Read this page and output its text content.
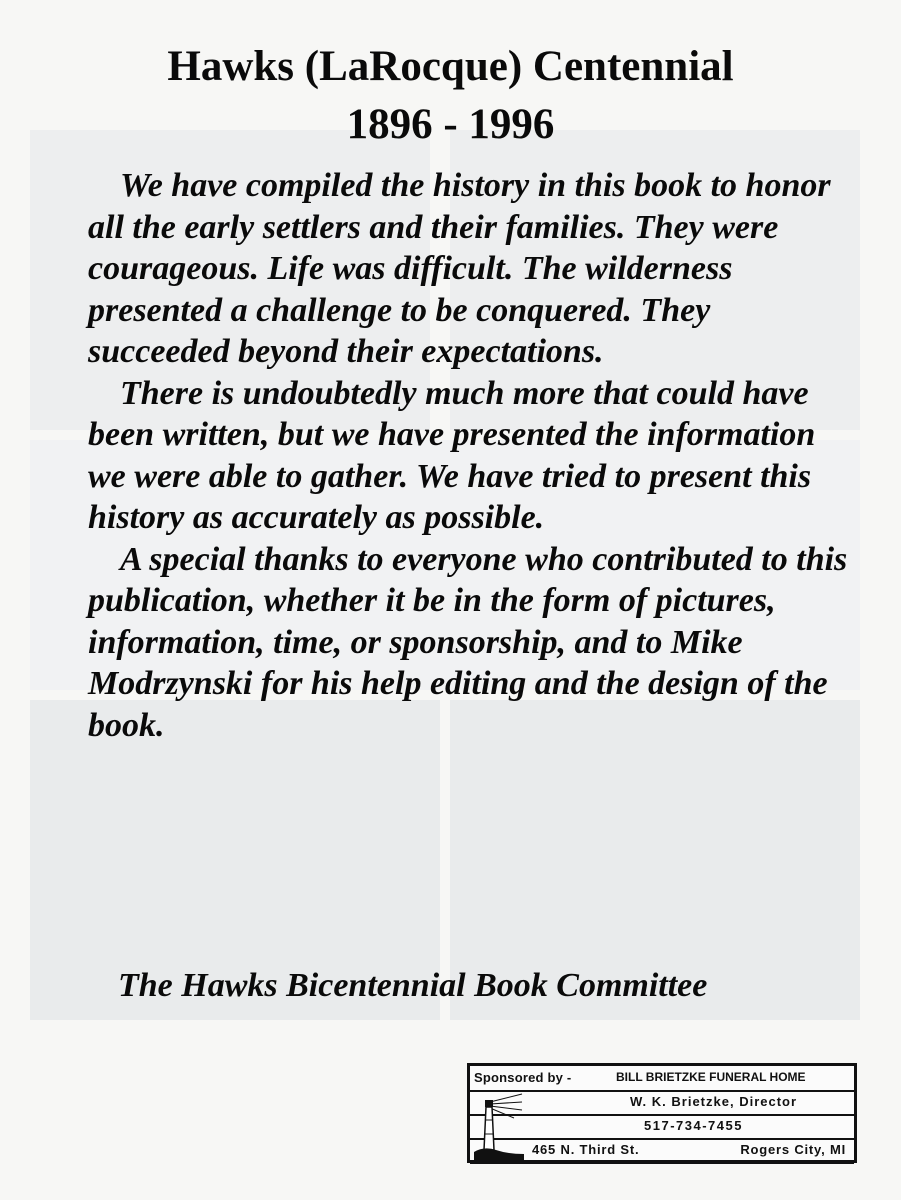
Hawks (LaRocque) Centennial
1896 - 1996

We have compiled the history in this book to honor all the early settlers and their families. They were courageous. Life was difficult. The wilderness presented a challenge to be conquered. They succeeded beyond their expectations.

There is undoubtedly much more that could have been written, but we have presented the information we were able to gather. We have tried to present this history as accurately as possible.

A special thanks to everyone who contributed to this publication, whether it be in the form of pictures, information, time, or sponsorship, and to Mike Modrzynski for his help editing and the design of the book.

The Hawks Bicentennial Book Committee
Sponsored by -	BILL BRIETZKE FUNERAL HOME
W. K. Brietzke, Director
517-734-7455
465 N. Third St.	Rogers City, MI
